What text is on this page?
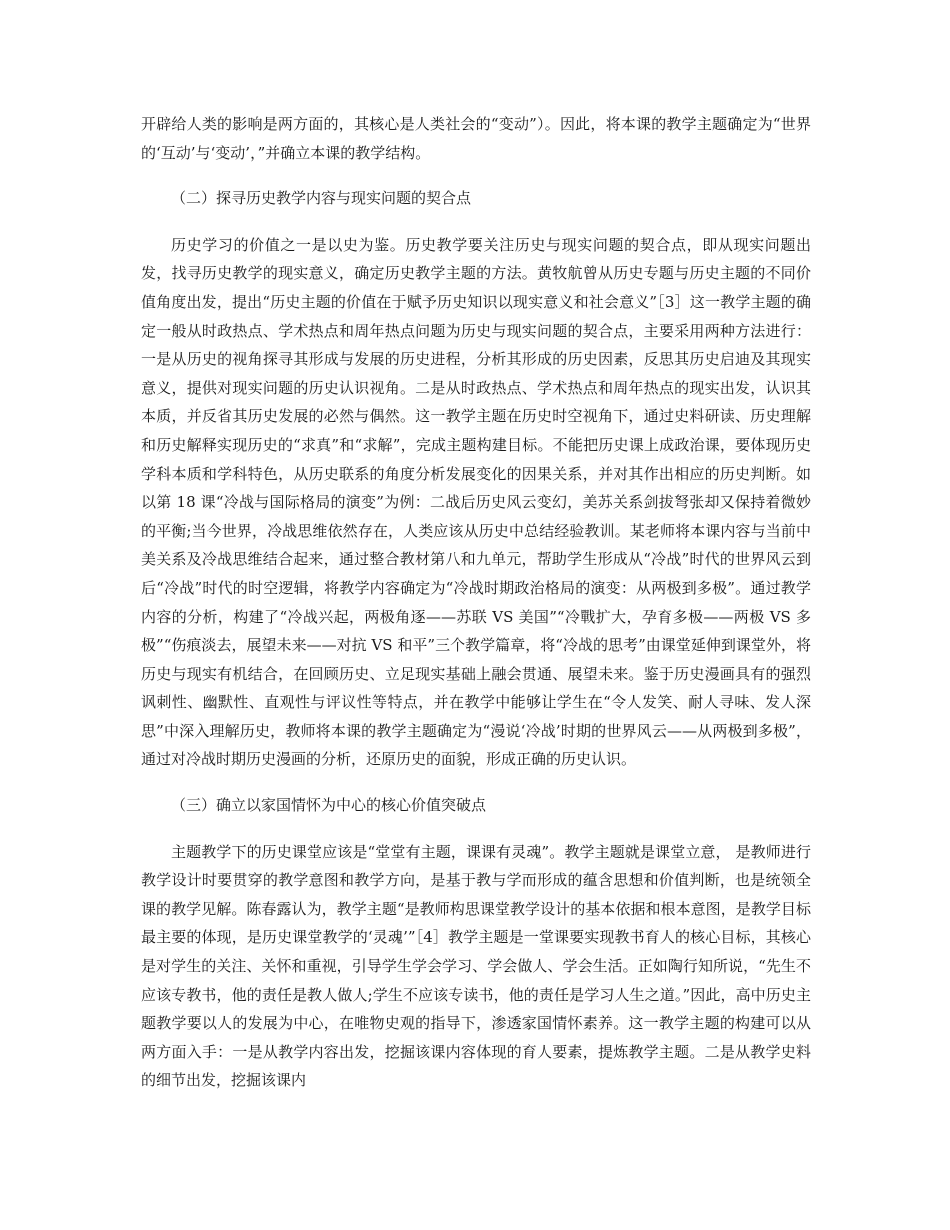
开辟给人类的影响是两方面的，其核心是人类社会的“变动”）。因此，将本课的教学主题确定为“世界的‘互动’与‘变动’，”并确立本课的教学结构。

（二）探寻历史教学内容与现实问题的契合点

历史学习的价值之一是以史为鉴。历史教学要关注历史与现实问题的契合点，即从现实问题出发，找寻历史教学的现实意义，确定历史教学主题的方法。黄牧航曾从历史专题与历史主题的不同价值角度出发，提出“历史主题的价值在于赋予历史知识以现实意义和社会意义”［3］这一教学主题的确定一般从时政热点、学术热点和周年热点问题为历史与现实问题的契合点，主要采用两种方法进行：一是从历史的视角探寻其形成与发展的历史进程，分析其形成的历史因素，反思其历史启迪及其现实意义，提供对现实问题的历史认识视角。二是从时政热点、学术热点和周年热点的现实出发，认识其本质，并反省其历史发展的必然与偶然。这一教学主题在历史时空视角下，通过史料研读、历史理解和历史解释实现历史的“求真”和“求解”，完成主题构建目标。不能把历史课上成政治课，要体现历史学科本质和学科特色，从历史联系的角度分析发展变化的因果关系，并对其作出相应的历史判断。如以第 18 课“冷战与国际格局的演变”为例：二战后历史风云变幻，美苏关系剑拔弩张却又保持着微妙的平衡;当今世界，冷战思维依然存在，人类应该从历史中总结经验教训。某老师将本课内容与当前中美关系及冷战思维结合起来，通过整合教材第八和九单元，帮助学生形成从“冷战”时代的世界风云到后“冷战”时代的时空逻辑，将教学内容确定为“冷战时期政治格局的演变：从两极到多极”。通过教学内容的分析，构建了“冷战兴起，两极角逐——苏联 VS 美国”“冷戰扩大，孕育多极——两极 VS 多极”“伤痕淡去，展望未来——对抗 VS 和平”三个教学篇章，将“冷战的思考”由课堂延伸到课堂外，将历史与现实有机结合，在回顾历史、立足现实基础上融会贯通、展望未来。鉴于历史漫画具有的强烈讽刺性、幽默性、直观性与评议性等特点，并在教学中能够让学生在“令人发笑、耐人寻味、发人深思”中深入理解历史，教师将本课的教学主题确定为“漫说‘冷战’时期的世界风云——从两极到多极”，通过对冷战时期历史漫画的分析，还原历史的面貌，形成正确的历史认识。

（三）确立以家国情怀为中心的核心价值突破点

主题教学下的历史课堂应该是“堂堂有主题，课课有灵魂”。教学主题就是课堂立意， 是教师进行教学设计时要贯穿的教学意图和教学方向，是基于教与学而形成的蕴含思想和价值判断，也是统领全课的教学见解。陈春露认为，教学主题“是教师构思课堂教学设计的基本依据和根本意图，是教学目标最主要的体现，是历史课堂教学的‘灵魂’”［4］教学主题是一堂课要实现教书育人的核心目标，其核心是对学生的关注、关怀和重视，引导学生学会学习、学会做人、学会生活。正如陶行知所说，“先生不应该专教书，他的责任是教人做人;学生不应该专读书，他的责任是学习人生之道。”因此，高中历史主题教学要以人的发展为中心，在唯物史观的指导下，渗透家国情怀素养。这一教学主题的构建可以从两方面入手：一是从教学内容出发，挖掘该课内容体现的育人要素，提炼教学主题。二是从教学史料的细节出发，挖掘该课内
